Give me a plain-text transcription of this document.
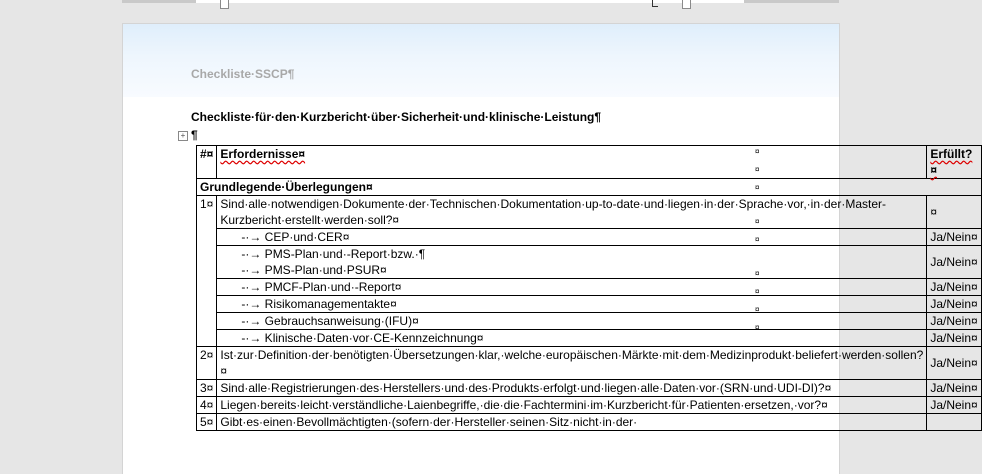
Checkliste·SSCP¶
Checkliste·für·den·Kurzbericht·über·Sicherheit·und·klinische·Leistung¶
+ ¶
#¤	Erfordernisse¤	Erfüllt?¤
Grundlegende·Überlegungen¤		
1¤	Sind·alle·notwendigen·Dokumente·der·Technischen·Dokumentation·up-to-date·und·liegen·in·der·Sprache·vor,·in·der·Master-Kurzbericht·erstellt·werden·soll?¤	¤
	-·→ CEP·und·CER¤	Ja/Nein¤
	-·→ PMS-Plan·und·-Report·bzw.·¶
-·→ PMS-Plan·und·PSUR¤	Ja/Nein¤
	-·→ PMCF-Plan·und·-Report¤	Ja/Nein¤
	-·→ Risikomanagementakte¤	Ja/Nein¤
	-·→ Gebrauchsanweisung·(IFU)¤	Ja/Nein¤
	-·→ Klinische·Daten·vor·CE-Kennzeichnung¤	Ja/Nein¤
2¤	Ist·zur·Definition·der·benötigten·Übersetzungen·klar,·welche·europäischen·Märkte·mit·dem·Medizinprodukt·beliefert·werden·sollen?¤	Ja/Nein¤
3¤	Sind·alle·Registrierungen·des·Herstellers·und·des·Produkts·erfolgt·und·liegen·alle·Daten·vor·(SRN·und·UDI-DI)?¤	Ja/Nein¤
4¤	Liegen·bereits·leicht·verständliche·Laienbegriffe,·die·die·Fachtermini·im·Kurzbericht·für·Patienten·ersetzen,·vor?¤	Ja/Nein¤
5¤	Gibt·es·einen·Bevollmächtigten·(sofern·der·Hersteller·seinen·Sitz·nicht·in·der·	
¤
¤
¤
¤
¤
¤
¤
¤
¤
